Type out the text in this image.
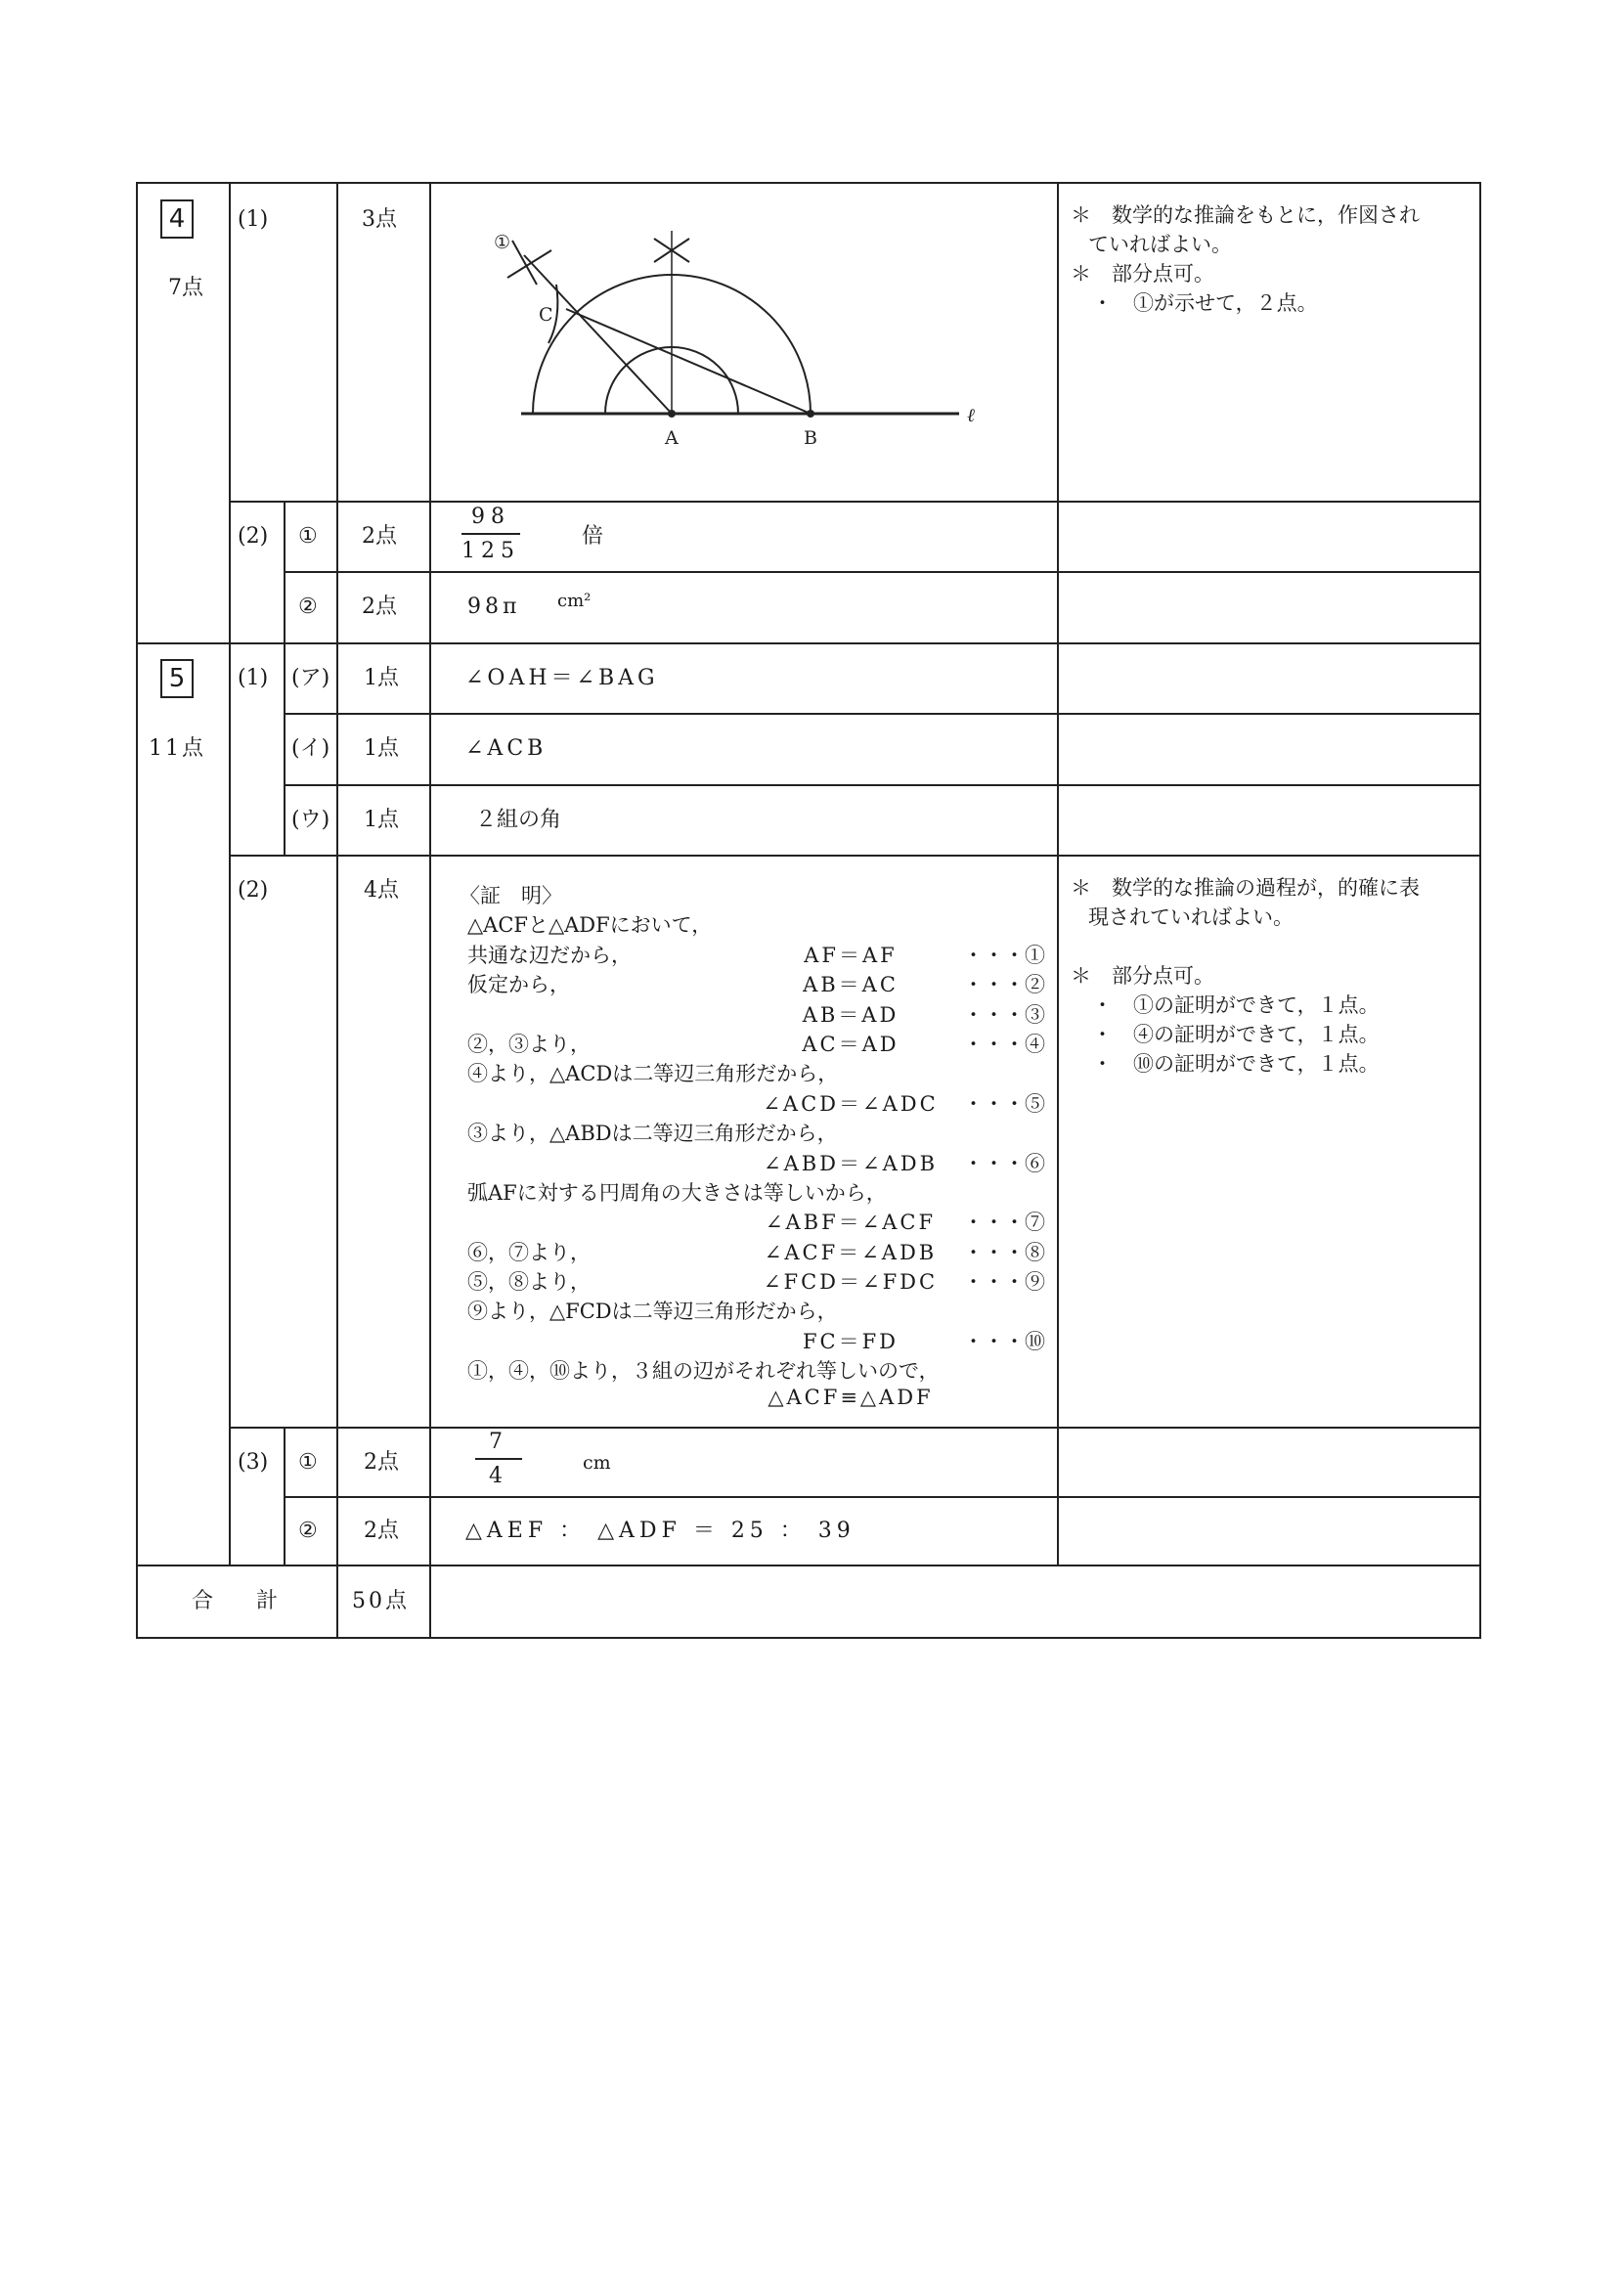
4
7点
(1)	3点
①
C
A	B
ℓ
＊　数学的な推論をもとに，作図され
ていればよい。
＊　部分点可。
・　①が示せて，２点。
(2) ① 2点	$\frac{98}{125}$	倍
② 2点	98π cm²
5
11点
(1) (ア) 1点	∠OAH＝∠BAG
(イ) 1点	∠ACB
(ウ) 1点	２組の角
(2)	4点	〈証　明〉
△ACFと△ADFにおいて，
共通な辺だから，	AF＝AF	・・・①
仮定から，	AB＝AC	・・・②
AB＝AD	・・・③
②，③より，	AC＝AD	・・・④
④より，△ACDは二等辺三角形だから，
∠ACD＝∠ADC	・・・⑤
③より，△ABDは二等辺三角形だから，
∠ABD＝∠ADB	・・・⑥
弧AFに対する円周角の大きさは等しいから，
∠ABF＝∠ACF	・・・⑦
⑥，⑦より，	∠ACF＝∠ADB	・・・⑧
⑤，⑧より，	∠FCD＝∠FDC	・・・⑨
⑨より，△FCDは二等辺三角形だから，
FC＝FD	・・・⑩
①，④，⑩より，３組の辺がそれぞれ等しいので，
△ACF≡△ADF
＊　数学的な推論の過程が，的確に表
現されていればよい。
＊　部分点可。
・　①の証明ができて，１点。
・　④の証明ができて，１点。
・　⑩の証明ができて，１点。
(3) ① 2点	$\frac{7}{4}$	cm
② 2点	△AEF ： △ADF ＝ 25 ： 39
合　　計	50点
